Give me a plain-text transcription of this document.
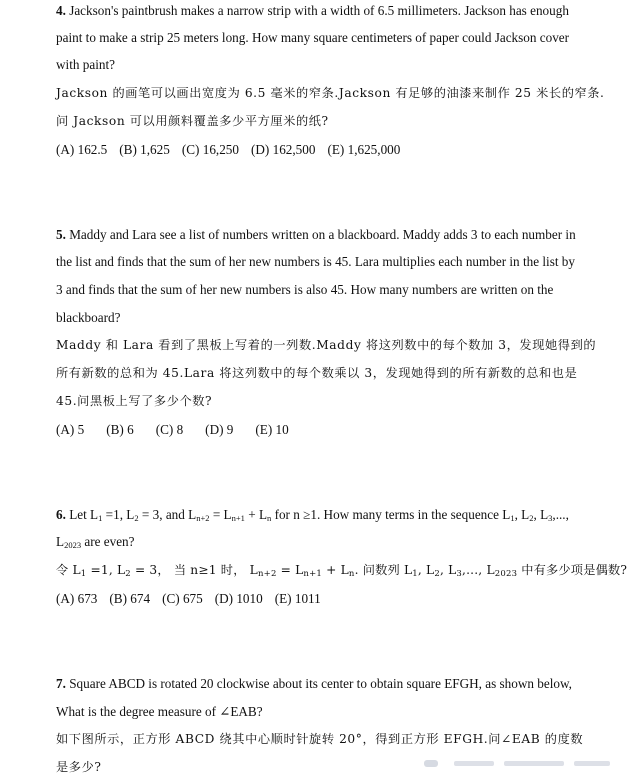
4. Jackson's paintbrush makes a narrow strip with a width of 6.5 millimeters. Jackson has enough
paint to make a strip 25 meters long. How many square centimeters of paper could Jackson cover
with paint?
Jackson 的画笔可以画出宽度为 6.5 毫米的窄条.Jackson 有足够的油漆来制作 25 米长的窄条.
问 Jackson 可以用颜料覆盖多少平方厘米的纸?
(A) 162.5 (B) 1,625 (C) 16,250 (D) 162,500 (E) 1,625,000
5. Maddy and Lara see a list of numbers written on a blackboard. Maddy adds 3 to each number in
the list and finds that the sum of her new numbers is 45. Lara multiplies each number in the list by
3 and finds that the sum of her new numbers is also 45. How many numbers are written on the
blackboard?
Maddy 和 Lara 看到了黑板上写着的一列数.Maddy 将这列数中的每个数加 3，发现她得到的
所有新数的总和为 45.Lara 将这列数中的每个数乘以 3，发现她得到的所有新数的总和也是
45.问黑板上写了多少个数?
(A) 5 (B) 6 (C) 8 (D) 9 (E) 10
6. Let $L_1 =1$, $L_2 = 3$, and $L_{n+2} = L_{n+1} + L_n$ for n ≥1. How many terms in the sequence $L_1$, $L_2$, $L_3$,...,
$L_{2023}$ are even?
令 $L_1 =1$, $L_2 = 3$， 当 n≥1 时， $L_{n+2} = L_{n+1} + L_n$. 问数列 $L_1$, $L_2$, $L_3$,..., $L_{2023}$ 中有多少项是偶数?
(A) 673 (B) 674 (C) 675 (D) 1010 (E) 1011
7. Square ABCD is rotated 20 clockwise about its center to obtain square EFGH, as shown below,
What is the degree measure of ∠EAB?
如下图所示，正方形 ABCD 绕其中心顺时针旋转 20°，得到正方形 EFGH.问∠EAB 的度数
是多少?
